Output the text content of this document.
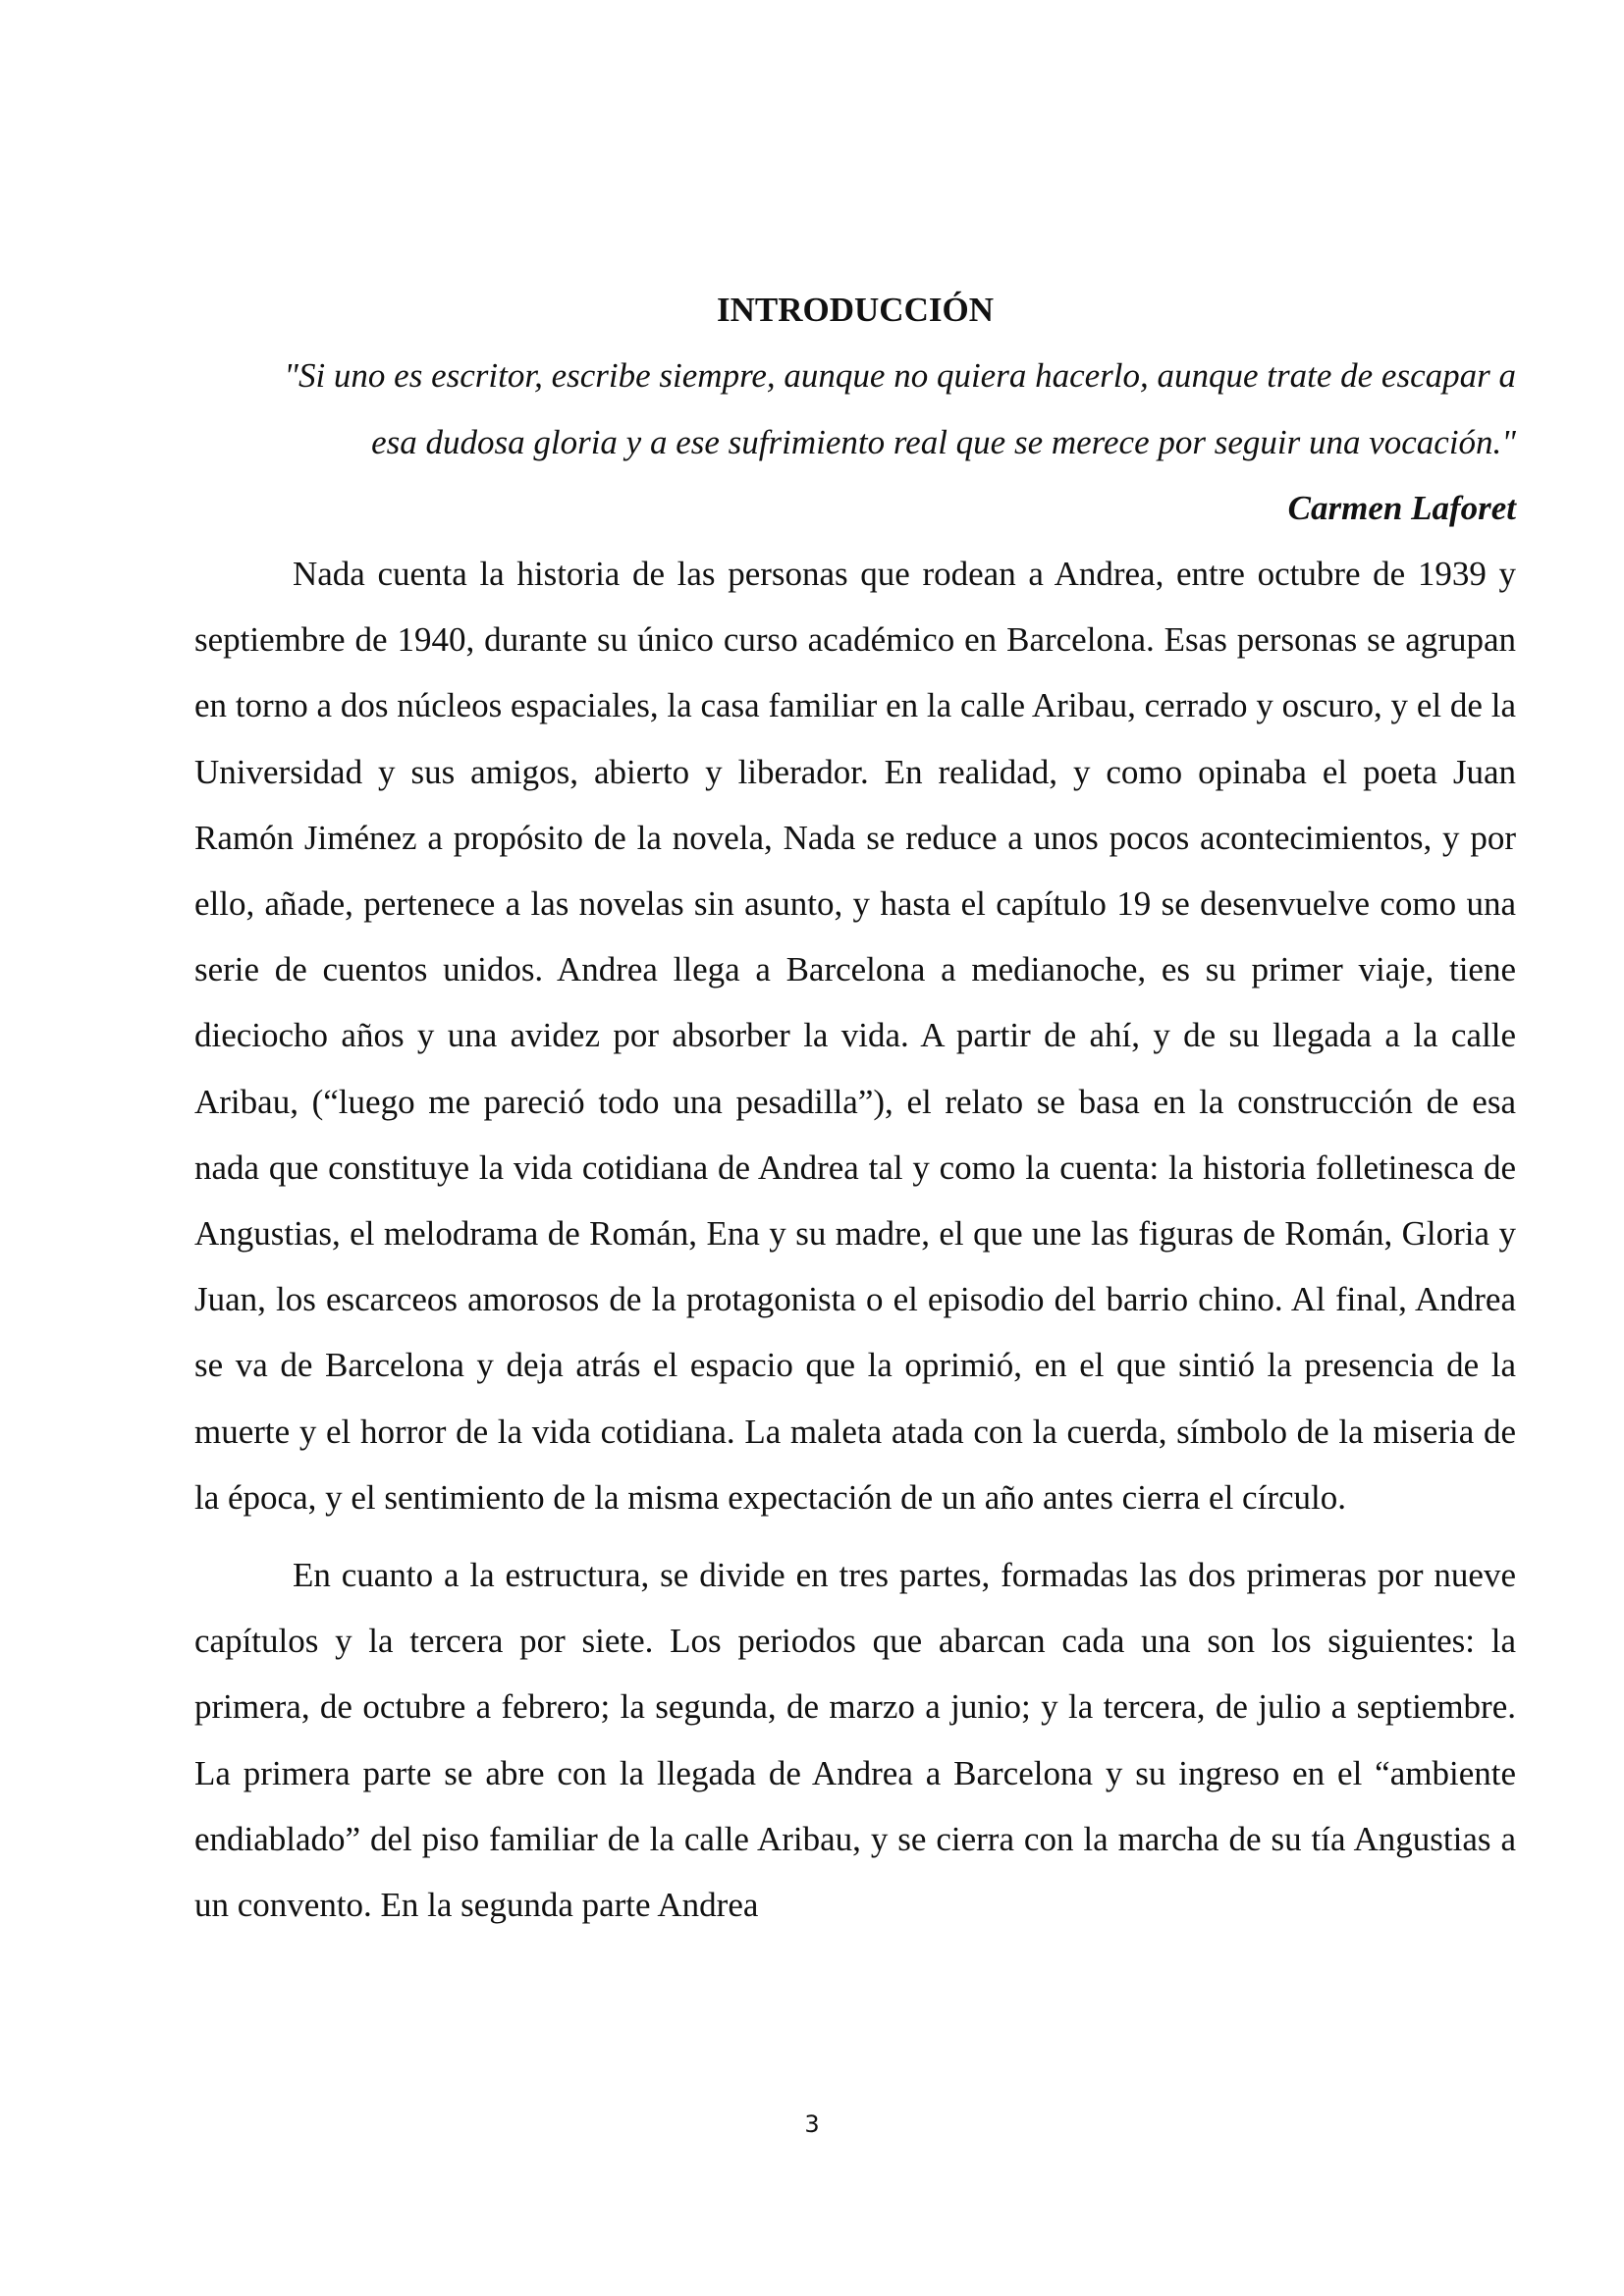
INTRODUCCIÓN

"Si uno es escritor, escribe siempre, aunque no quiera hacerlo, aunque trate de escapar a esa dudosa gloria y a ese sufrimiento real que se merece por seguir una vocación."

Carmen Laforet

Nada cuenta la historia de las personas que rodean a Andrea, entre octubre de 1939 y septiembre de 1940, durante su único curso académico en Barcelona. Esas personas se agrupan en torno a dos núcleos espaciales, la casa familiar en la calle Aribau, cerrado y oscuro, y el de la Universidad y sus amigos, abierto y liberador. En realidad, y como opinaba el poeta Juan Ramón Jiménez a propósito de la novela, Nada se reduce a unos pocos acontecimientos, y por ello, añade, pertenece a las novelas sin asunto, y hasta el capítulo 19 se desenvuelve como una serie de cuentos unidos. Andrea llega a Barcelona a medianoche, es su primer viaje, tiene dieciocho años y una avidez por absorber la vida. A partir de ahí, y de su llegada a la calle Aribau, (“luego me pareció todo una pesadilla”), el relato se basa en la construcción de esa nada que constituye la vida cotidiana de Andrea tal y como la cuenta: la historia folletinesca de Angustias, el melodrama de Román, Ena y su madre, el que une las figuras de Román, Gloria y Juan, los escarceos amorosos de la protagonista o el episodio del barrio chino. Al final, Andrea se va de Barcelona y deja atrás el espacio que la oprimió, en el que sintió la presencia de la muerte y el horror de la vida cotidiana. La maleta atada con la cuerda, símbolo de la miseria de la época, y el sentimiento de la misma expectación de un año antes cierra el círculo.

En cuanto a la estructura, se divide en tres partes, formadas las dos primeras por nueve capítulos y la tercera por siete. Los periodos que abarcan cada una son los siguientes: la primera, de octubre a febrero; la segunda, de marzo a junio; y la tercera, de julio a septiembre. La primera parte se abre con la llegada de Andrea a Barcelona y su ingreso en el “ambiente endiablado” del piso familiar de la calle Aribau, y se cierra con la marcha de su tía Angustias a un convento. En la segunda parte Andrea

3
